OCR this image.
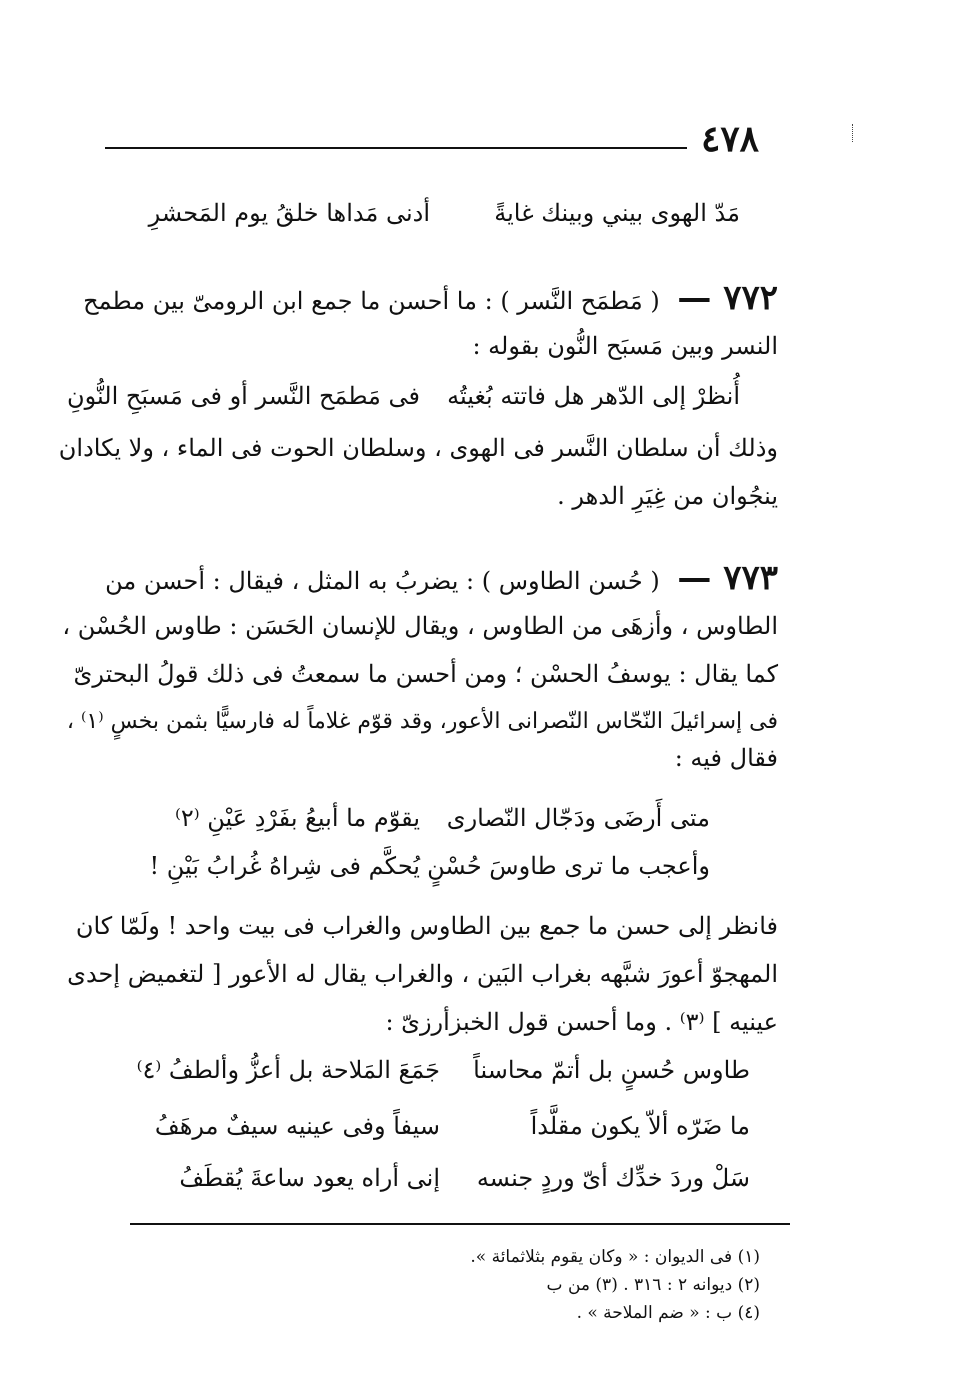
٤٧٨
مَدّ الهوى بيني وبينك غايةً
أدنى مَداها خلقُ يوم المَحشرِ
٧٧٢ — ( مَطمَح النَّسر ) : ما أحسن ما جمع ابن الرومىّ بين مطمح
النسر وبين مَسبَح النُّون بقوله :
أُنظرْ إلى الدّهر هل فاتته بُغيتُه
فى مَطمَح النَّسر أو فى مَسبَحِ النُّونِ
وذلك أن سلطان النَّسر فى الهوى ، وسلطان الحوت فى الماء ، ولا يكادان
ينجُوان من غِيَرِ الدهر .
٧٧٣ — ( حُسن الطاوس ) : يضربُ به المثل ، فيقال : أحسن من
الطاوس ، وأزهَى من الطاوس ، ويقال للإنسان الحَسَن : طاوس الحُسْن ،
كما يقال : يوسفُ الحسْن ؛ ومن أحسن ما سمعتُ فى ذلك قولُ البحترىّ
فى إسرائيلَ النّحّاس النّصرانى الأعور، وقد قوّم غلاماً له فارسيًّا بثمن بخسٍ ⁽١⁾ ،
فقال فيه :
متى أَرضَى ودَجّال النّصارى
يقوّم ما أبيعُ بفَرْدِ عَيْنِ ⁽٢⁾
وأعجب ما ترى طاوسَ حُسْنٍ
يُحكَّم فى شِراهُ غُرابُ بَيْنِ !
فانظر إلى حسن ما جمع بين الطاوس والغراب فى بيت واحد ! ولَمّا كان
المهجوّ أعورَ شبَّهه بغراب البَين ، والغراب يقال له الأعور [ لتغميض إحدى
عينيه ] ⁽٣⁾ . وما أحسن قول الخبزأرزىّ :
طاوس حُسنٍ بل أتمّ محاسناً
جَمَعَ المَلاحة بل أعزُّ وألطفُ ⁽٤⁾
ما ضَرّه ألاّ يكون مقلَّداً
سيفاً وفى عينيه سيفٌ مرهَفُ
سَلْ وردَ خدِّك أىّ وردٍ جنسه
إنى أراه يعود ساعةَ يُقطَفُ
(١) فى الديوان : « وكان يقوم بثلاثمائة ».
(٢) ديوانه ٢ : ٣١٦ . (٣) من ب
(٤) ب : « ضم الملاحة » .
